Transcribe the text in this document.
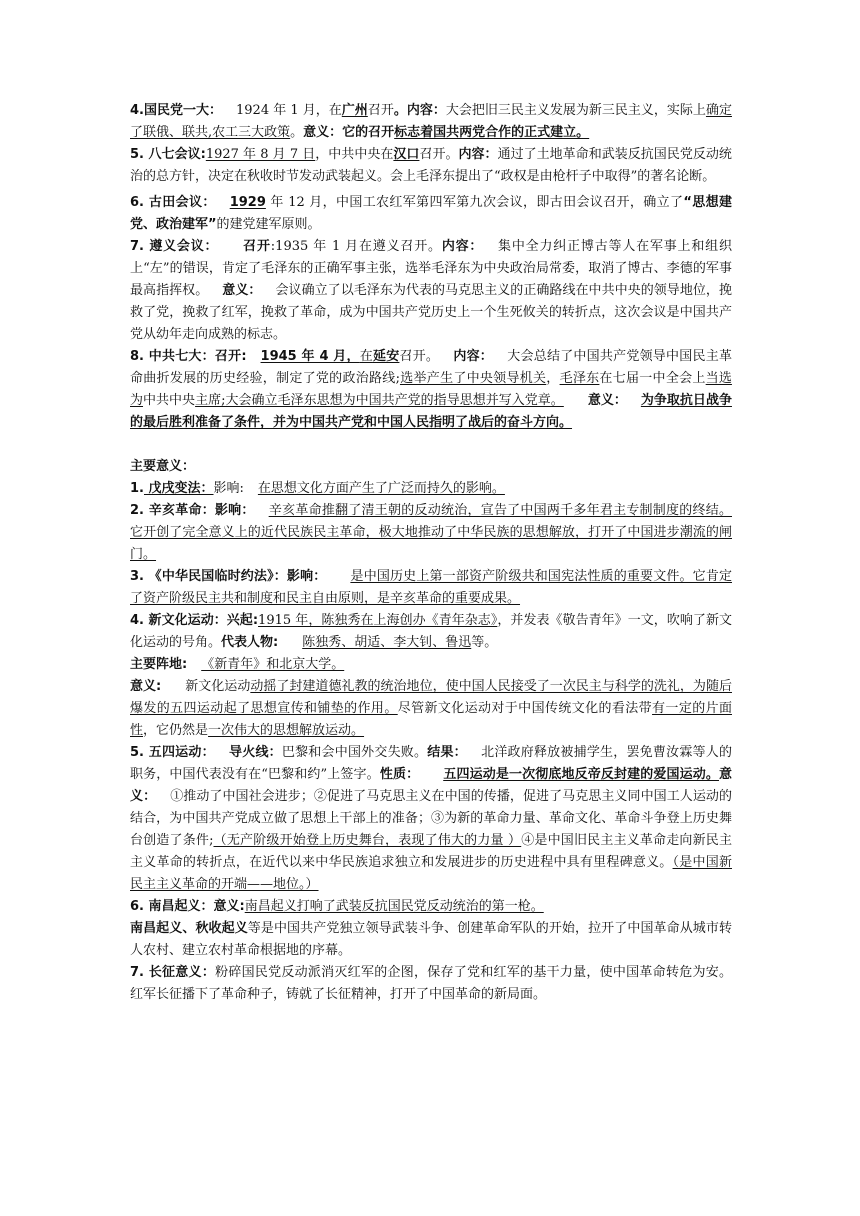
4.国民党一大： 1924 年 1 月，在广州召开。内容：大会把旧三民主义发展为新三民主义，实际上确定了联俄、联共,农工三大政策。意义：它的召开标志着国共两党合作的正式建立。

5. 八七会议:1927 年 8 月 7 日，中共中央在汉口召开。内容：通过了土地革命和武装反抗国民党反动统治的总方针，决定在秋收时节发动武装起义。会上毛泽东提出了“政权是由枪杆子中取得”的著名论断。

6. 古田会议： 1929 年 12 月，中国工农红军第四军第九次会议，即古田会议召开，确立了“思想建党、政治建军”的建党建军原则。

7. 遵义会议： 召开:1935 年 1 月在遵义召开。内容： 集中全力纠正博古等人在军事上和组织上“左”的错误，肯定了毛泽东的正确军事主张，选举毛泽东为中央政治局常委，取消了博古、李德的军事最高指挥权。 意义： 会议确立了以毛泽东为代表的马克思主义的正确路线在中共中央的领导地位，挽救了党，挽救了红军，挽救了革命，成为中国共产党历史上一个生死攸关的转折点，这次会议是中国共产党从幼年走向成熟的标志。

8. 中共七大：召开: 1945 年 4 月，在延安召开。 内容： 大会总结了中国共产党领导中国民主革命曲折发展的历史经验，制定了党的政治路线;选举产生了中央领导机关，毛泽东在七届一中全会上当选为中共中央主席;大会确立毛泽东思想为中国共产党的指导思想并写入党章。 意义： 为争取抗日战争的最后胜利准备了条件，并为中国共产党和中国人民指明了战后的奋斗方向。

主要意义：

1. 戊戌变法：影响: 在思想文化方面产生了广泛而持久的影响。

2. 辛亥革命：影响： 辛亥革命推翻了清王朝的反动统治，宣告了中国两千多年君主专制制度的终结。它开创了完全意义上的近代民族民主革命，极大地推动了中华民族的思想解放，打开了中国进步潮流的闸门。

3. 《中华民国临时约法》：影响： 是中国历史上第一部资产阶级共和国宪法性质的重要文件。它肯定了资产阶级民主共和制度和民主自由原则，是辛亥革命的重要成果。

4. 新文化运动：兴起:1915 年，陈独秀在上海创办《青年杂志》，并发表《敬告青年》一文，吹响了新文化运动的号角。代表人物: 陈独秀、胡适、李大钊、鲁迅等。

主要阵地: 《新青年》和北京大学。

意义: 新文化运动动摇了封建道德礼教的统治地位，使中国人民接受了一次民主与科学的洗礼，为随后爆发的五四运动起了思想宣传和铺垫的作用。尽管新文化运动对于中国传统文化的看法带有一定的片面性，它仍然是一次伟大的思想解放运动。

5. 五四运动： 导火线：巴黎和会中国外交失败。结果： 北洋政府释放被捕学生，罢免曹汝霖等人的职务，中国代表没有在“巴黎和约”上签字。性质： 五四运动是一次彻底地反帝反封建的爱国运动。意义： ①推动了中国社会进步；②促进了马克思主义在中国的传播，促进了马克思主义同中国工人运动的结合，为中国共产党成立做了思想上干部上的准备；③为新的革命力量、革命文化、革命斗争登上历史舞台创造了条件;（无产阶级开始登上历史舞台，表现了伟大的力量 ）④是中国旧民主主义革命走向新民主主义革命的转折点，在近代以来中华民族追求独立和发展进步的历史进程中具有里程碑意义。（是中国新民主主义革命的开端——地位。）

6. 南昌起义：意义:南昌起义打响了武装反抗国民党反动统治的第一枪。

南昌起义、秋收起义等是中国共产党独立领导武装斗争、创建革命军队的开始，拉开了中国革命从城市转人农村、建立农村革命根据地的序幕。

7. 长征意义：粉碎国民党反动派消灭红军的企图，保存了党和红军的基干力量，使中国革命转危为安。红军长征播下了革命种子，铸就了长征精神，打开了中国革命的新局面。
